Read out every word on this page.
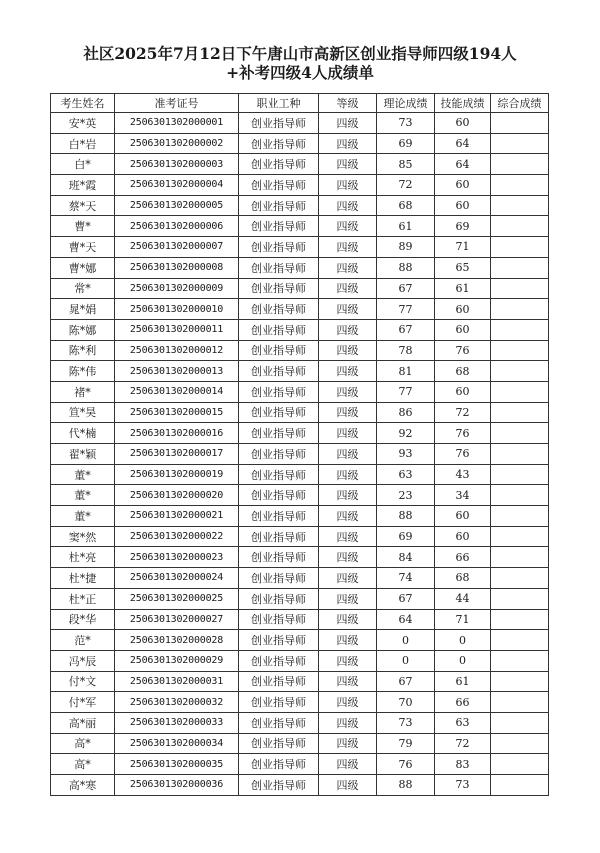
社区2025年7月12日下午唐山市高新区创业指导师四级194人
+补考四级4人成绩单
考生姓名	准考证号	职业工种	等级	理论成绩	技能成绩	综合成绩
安*英	2506301302000001	创业指导师	四级	73	60	
白*岩	2506301302000002	创业指导师	四级	69	64	
白*	2506301302000003	创业指导师	四级	85	64	
班*霞	2506301302000004	创业指导师	四级	72	60	
蔡*天	2506301302000005	创业指导师	四级	68	60	
曹*	2506301302000006	创业指导师	四级	61	69	
曹*天	2506301302000007	创业指导师	四级	89	71	
曹*娜	2506301302000008	创业指导师	四级	88	65	
常*	2506301302000009	创业指导师	四级	67	61	
晁*娟	2506301302000010	创业指导师	四级	77	60	
陈*娜	2506301302000011	创业指导师	四级	67	60	
陈*利	2506301302000012	创业指导师	四级	78	76	
陈*伟	2506301302000013	创业指导师	四级	81	68	
褚*	2506301302000014	创业指导师	四级	77	60	
笪*昊	2506301302000015	创业指导师	四级	86	72	
代*楠	2506301302000016	创业指导师	四级	92	76	
翟*颖	2506301302000017	创业指导师	四级	93	76	
董*	2506301302000019	创业指导师	四级	63	43	
董*	2506301302000020	创业指导师	四级	23	34	
董*	2506301302000021	创业指导师	四级	88	60	
窦*然	2506301302000022	创业指导师	四级	69	60	
杜*亮	2506301302000023	创业指导师	四级	84	66	
杜*捷	2506301302000024	创业指导师	四级	74	68	
杜*正	2506301302000025	创业指导师	四级	67	44	
段*华	2506301302000027	创业指导师	四级	64	71	
范*	2506301302000028	创业指导师	四级	0	0	
冯*辰	2506301302000029	创业指导师	四级	0	0	
付*文	2506301302000031	创业指导师	四级	67	61	
付*军	2506301302000032	创业指导师	四级	70	66	
高*丽	2506301302000033	创业指导师	四级	73	63	
高*	2506301302000034	创业指导师	四级	79	72	
高*	2506301302000035	创业指导师	四级	76	83	
高*寒	2506301302000036	创业指导师	四级	88	73	
